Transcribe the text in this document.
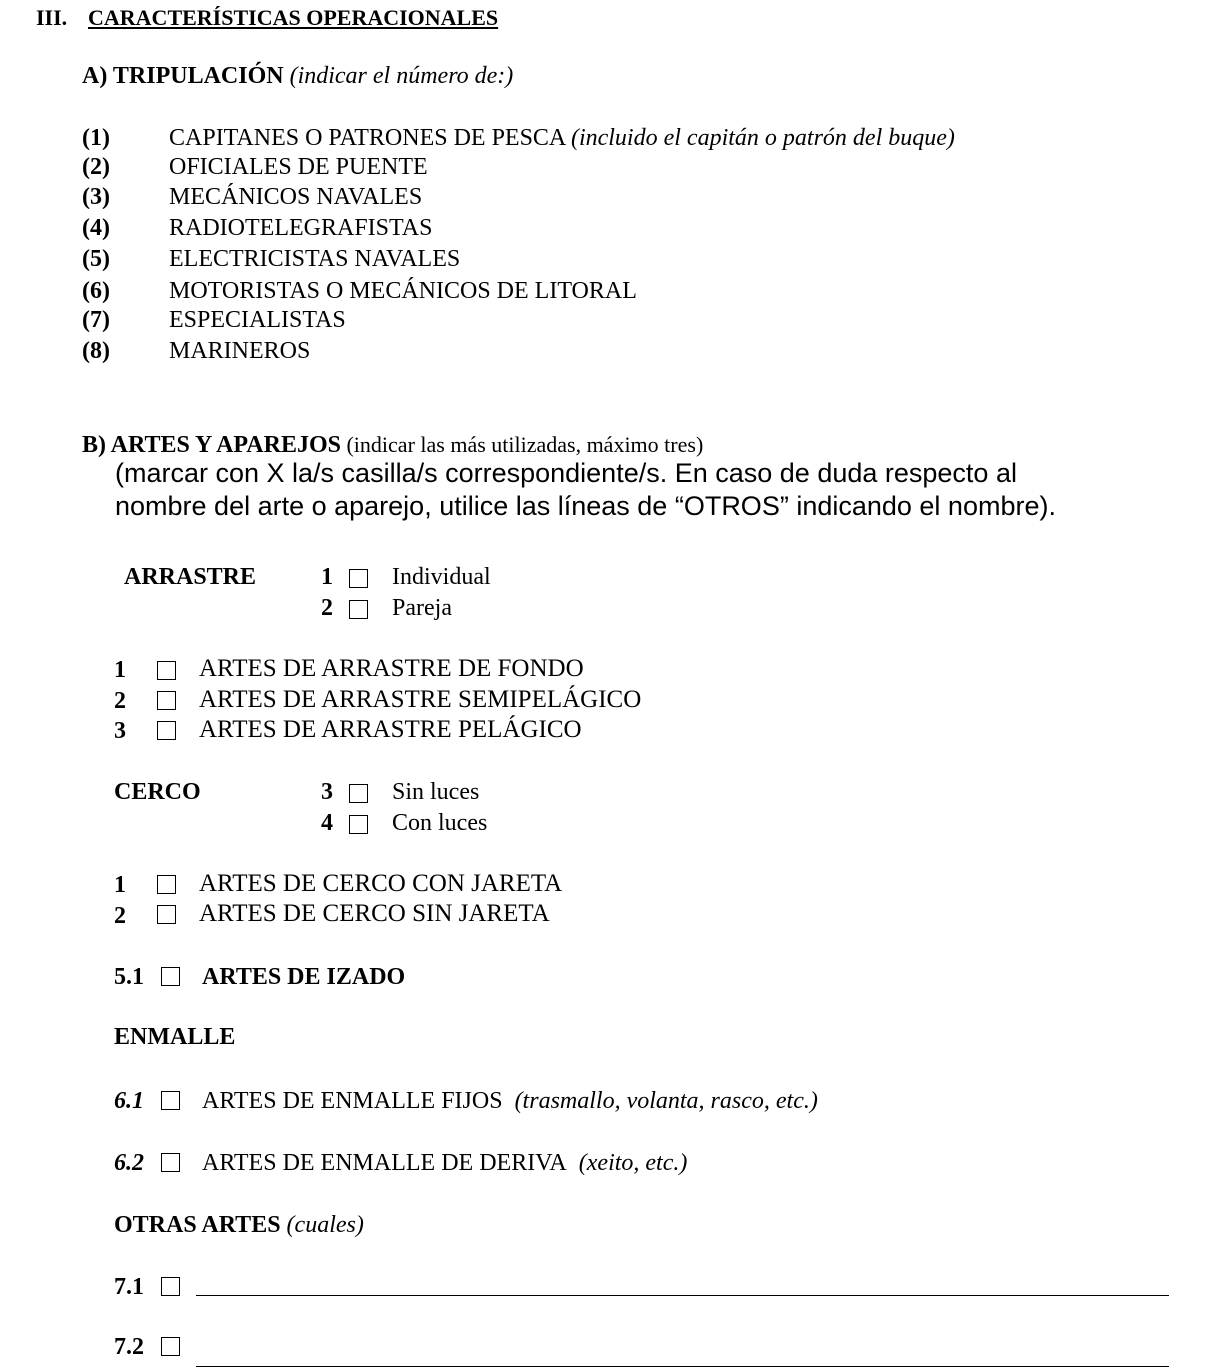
III. CARACTERÍSTICAS OPERACIONALES
A) TRIPULACIÓN (indicar el número de:)
(1) CAPITANES O PATRONES DE PESCA (incluido el capitán o patrón del buque)
(2) OFICIALES DE PUENTE
(3) MECÁNICOS NAVALES
(4) RADIOTELEGRAFISTAS
(5) ELECTRICISTAS NAVALES
(6) MOTORISTAS O MECÁNICOS DE LITORAL
(7) ESPECIALISTAS
(8) MARINEROS
B) ARTES Y APAREJOS (indicar las más utilizadas, máximo tres)
(marcar con X la/s casilla/s correspondiente/s. En caso de duda respecto al
nombre del arte o aparejo, utilice las líneas de “OTROS” indicando el nombre).
ARRASTRE	1 Individual
2 Pareja
1	ARTES DE ARRASTRE DE FONDO
2	ARTES DE ARRASTRE SEMIPELÁGICO
3	ARTES DE ARRASTRE PELÁGICO
CERCO	3 Sin luces
4 Con luces
1	ARTES DE CERCO CON JARETA
2	ARTES DE CERCO SIN JARETA
5.1 ARTES DE IZADO
ENMALLE
6.1 ARTES DE ENMALLE FIJOS (trasmallo, volanta, rasco, etc.)
6.2 ARTES DE ENMALLE DE DERIVA (xeito, etc.)
OTRAS ARTES (cuales)
7.1
7.2
